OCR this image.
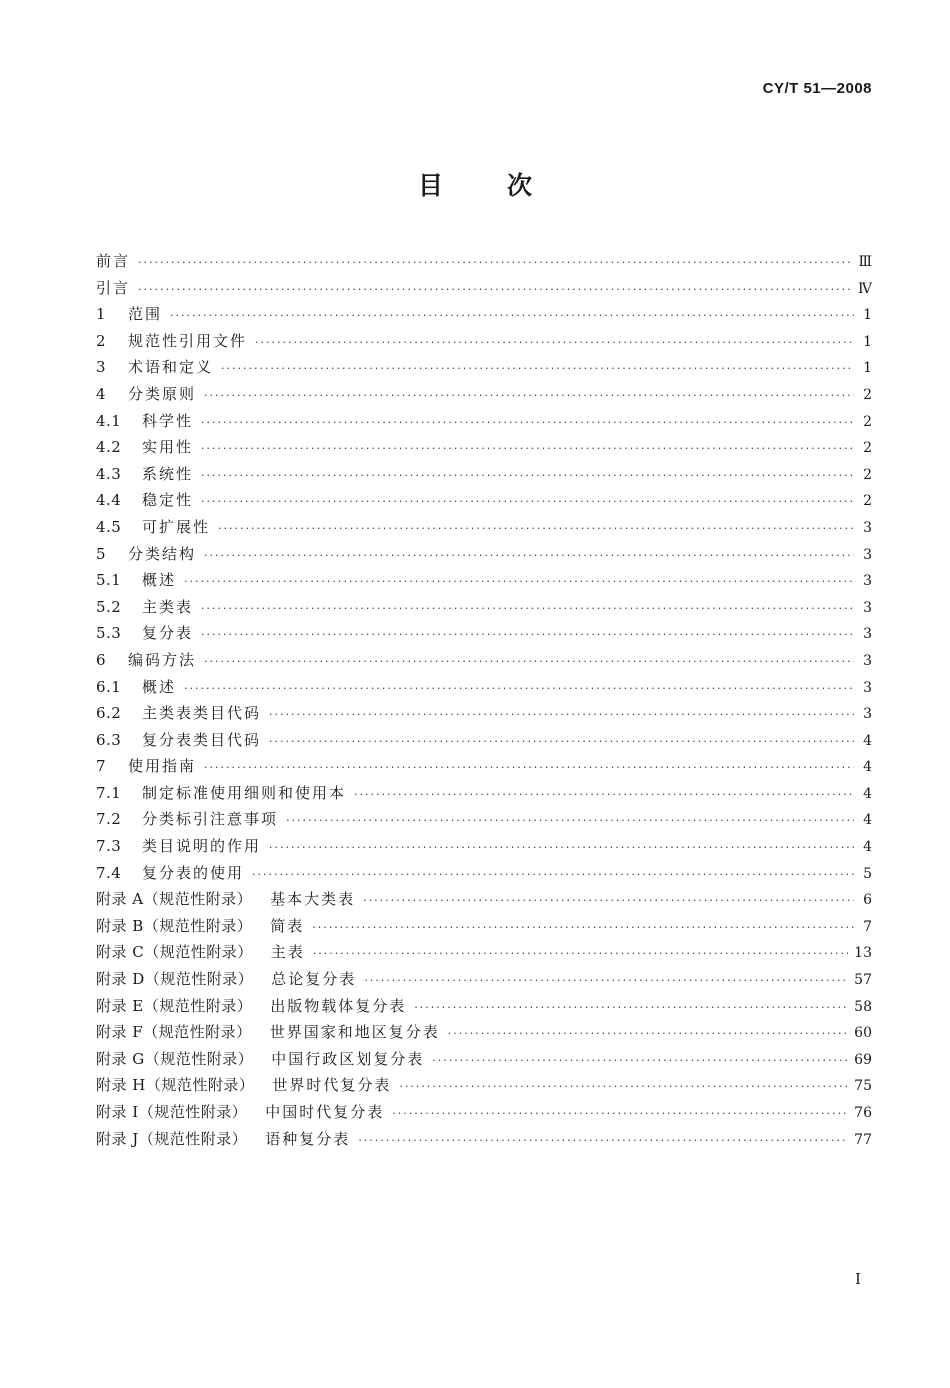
CY/T 51—2008
目	次
前言 ·····	Ⅲ
引言 ·····	Ⅳ
1	范围 ·····	1
2	规范性引用文件 ·····	1
3	术语和定义 ·····	1
4	分类原则 ·····	2
4.1	科学性 ·····	2
4.2	实用性 ·····	2
4.3	系统性 ·····	2
4.4	稳定性 ·····	2
4.5	可扩展性 ·····	3
5	分类结构 ·····	3
5.1	概述 ·····	3
5.2	主类表 ·····	3
5.3	复分表 ·····	3
6	编码方法 ·····	3
6.1	概述 ·····	3
6.2	主类表类目代码 ·····	3
6.3	复分表类目代码 ·····	4
7	使用指南 ·····	4
7.1	制定标准使用细则和使用本 ·····	4
7.2	分类标引注意事项 ·····	4
7.3	类目说明的作用 ·····	4
7.4	复分表的使用 ·····	5
附录 A（规范性附录）	基本大类表 ·····	6
附录 B（规范性附录）	简表 ·····	7
附录 C（规范性附录）	主表 ·····	13
附录 D（规范性附录）	总论复分表 ·····	57
附录 E（规范性附录）	出版物载体复分表 ·····	58
附录 F（规范性附录）	世界国家和地区复分表 ·····	60
附录 G（规范性附录）	中国行政区划复分表 ·····	69
附录 H（规范性附录）	世界时代复分表 ·····	75
附录 I（规范性附录）	中国时代复分表 ·····	76
附录 J（规范性附录）	语种复分表 ·····	77
I
